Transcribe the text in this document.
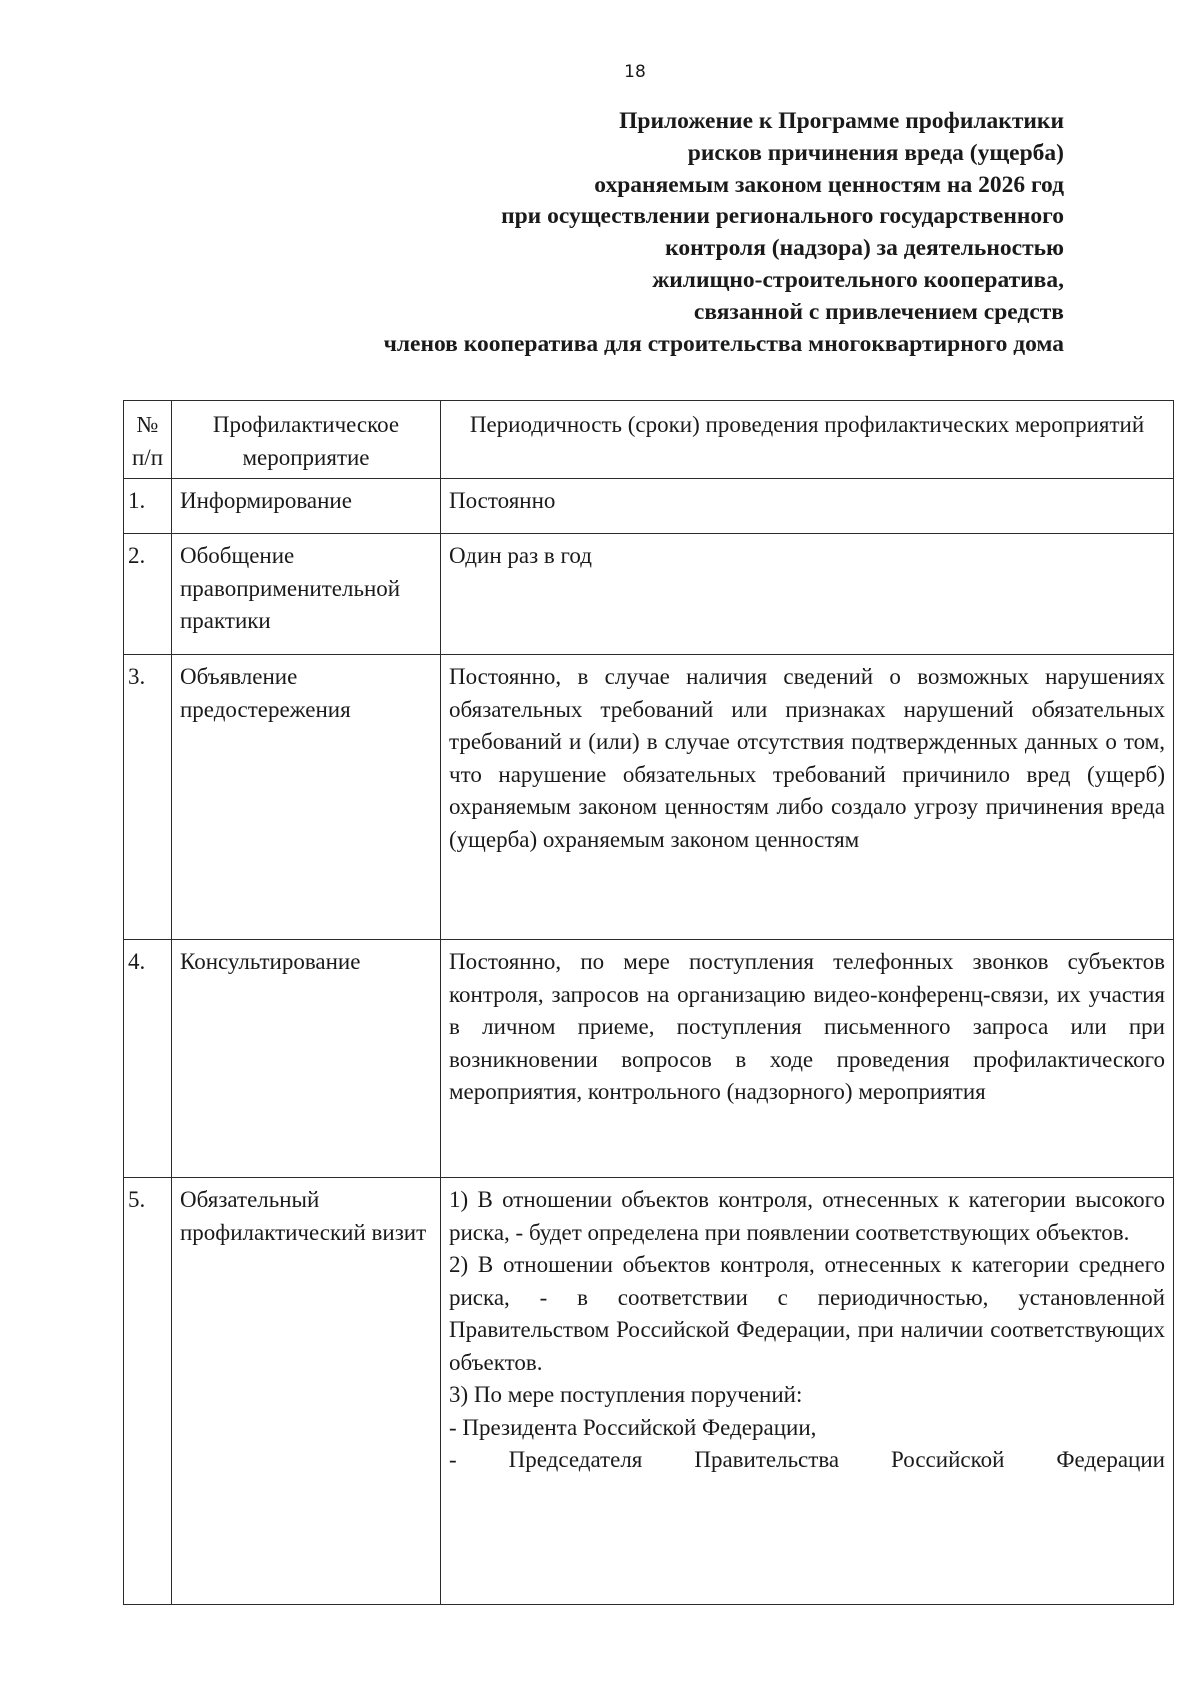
18
Приложение к Программе профилактики
рисков причинения вреда (ущерба)
охраняемым законом ценностям на 2026 год
при осуществлении регионального государственного
контроля (надзора) за деятельностью
жилищно-строительного кооператива,
связанной с привлечением средств
членов кооператива для строительства многоквартирного дома
№ п/п	Профилактическое мероприятие	Периодичность (сроки) проведения профилактических мероприятий
1.	Информирование	Постоянно

2.	Обобщение правоприменительной практики	Один раз в год

3.	Объявление предостережения	Постоянно, в случае наличия сведений о возможных нарушениях обязательных требований или признаках нарушений обязательных требований и (или) в случае отсутствия подтвержденных данных о том, что нарушение обязательных требований причинило вред (ущерб) охраняемым законом ценностям либо создало угрозу причинения вреда (ущерба) охраняемым законом ценностям

4.	Консультирование	Постоянно, по мере поступления телефонных звонков субъектов контроля, запросов на организацию видео-конференц-связи, их участия в личном приеме, поступления письменного запроса или при возникновении вопросов в ходе проведения профилактического мероприятия, контрольного (надзорного) мероприятия

5.	Обязательный профилактический визит	1) В отношении объектов контроля, отнесенных к категории высокого риска, - будет определена при появлении соответствующих объектов.
2) В отношении объектов контроля, отнесенных к категории среднего риска, - в соответствии с периодичностью, установленной Правительством Российской Федерации, при наличии соответствующих объектов.
3) По мере поступления поручений:
- Президента Российской Федерации,
- Председателя Правительства Российской Федерации
